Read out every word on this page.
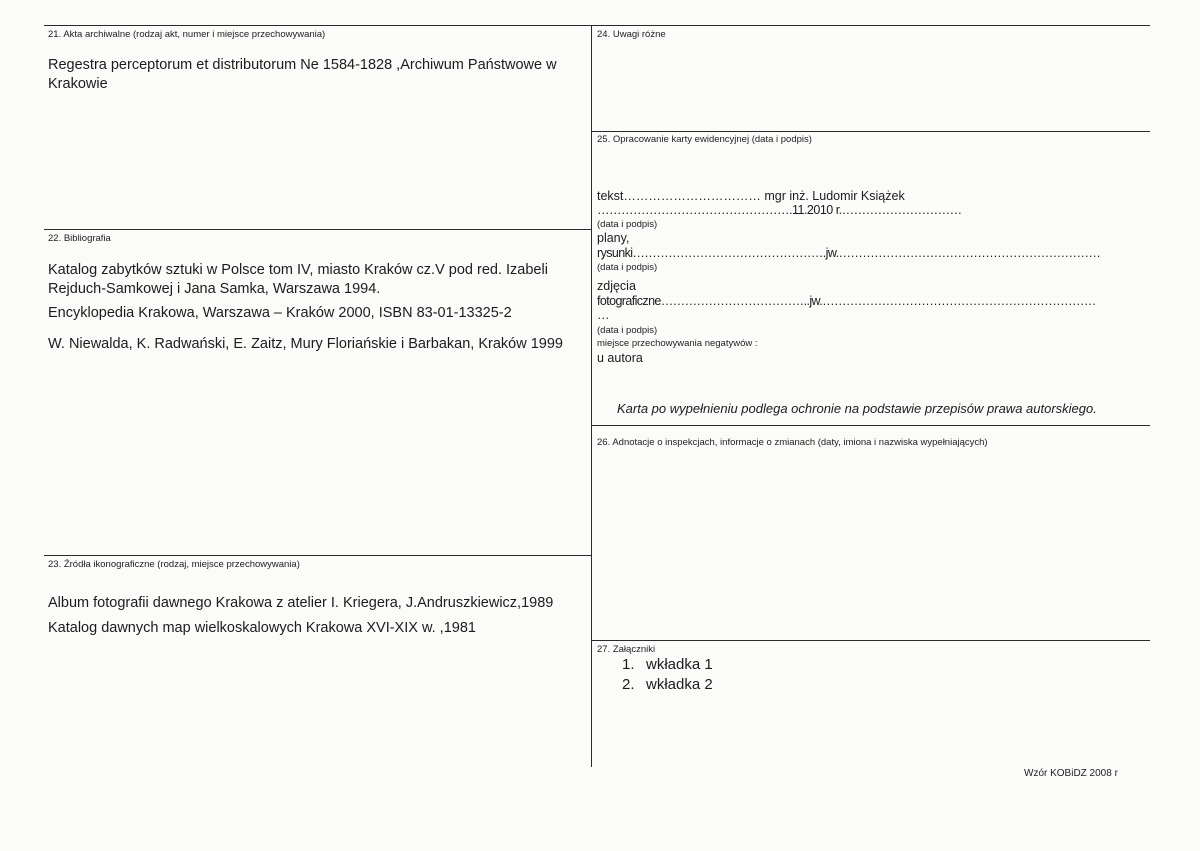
21. Akta archiwalne (rodzaj akt, numer i miejsce przechowywania)
Regestra perceptorum et distributorum Ne 1584-1828 ,Archiwum Państwowe w Krakowie
22. Bibliografia
Katalog zabytków sztuki w Polsce tom IV, miasto Kraków cz.V pod red. Izabeli Rejduch-Samkowej i Jana Samka, Warszawa 1994.
Encyklopedia Krakowa, Warszawa – Kraków 2000, ISBN 83-01-13325-2
W. Niewalda, K. Radwański, E. Zaitz, Mury Floriańskie i Barbakan, Kraków 1999
23. Źródła ikonograficzne (rodzaj, miejsce przechowywania)
Album fotografii dawnego Krakowa z atelier I. Kriegera, J.Andruszkiewicz,1989
Katalog dawnych map wielkoskalowych Krakowa XVI-XIX w. ,1981
24. Uwagi różne
25. Opracowanie karty ewidencyjnej (data i podpis)
tekst…………………………… mgr inż. Ludomir Książek
………………………………………….11.2010 r.…………………………
(data i podpis)
plany,
rysunki………………………………………….jw.…………………………………………………………
(data i podpis)
zdjęcia
fotograficzne………………………………..jw.……………………………………………………………
…
(data i podpis)
miejsce przechowywania negatywów :
u autora
Karta po wypełnieniu podlega ochronie na podstawie przepisów prawa autorskiego.
26. Adnotacje o inspekcjach, informacje o zmianach (daty, imiona i nazwiska wypełniających)
27. Załączniki
1. wkładka 1
2. wkładka 2
Wzór KOBiDZ 2008 r
